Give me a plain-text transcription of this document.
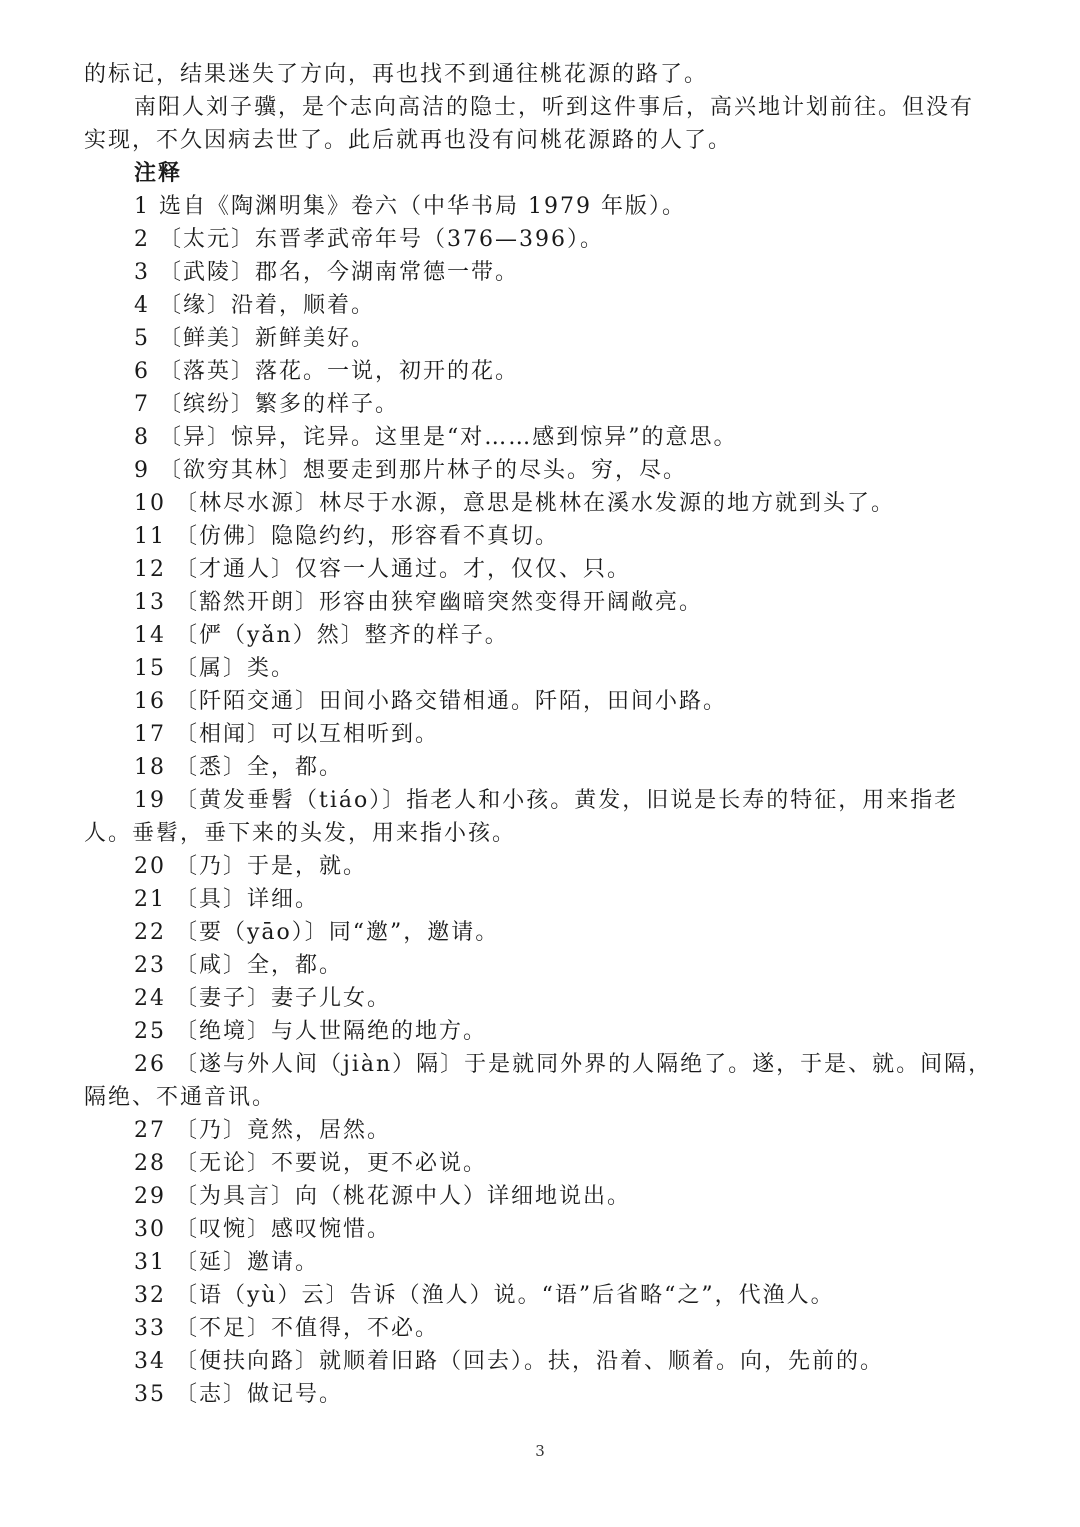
的标记，结果迷失了方向，再也找不到通往桃花源的路了。

南阳人刘子骥，是个志向高洁的隐士，听到这件事后，高兴地计划前往。但没有实现，不久因病去世了。此后就再也没有问桃花源路的人了。

注释

1 选自《陶渊明集》卷六（中华书局 1979 年版）。

2 〔太元〕东晋孝武帝年号（376—396）。

3 〔武陵〕郡名，今湖南常德一带。

4 〔缘〕沿着，顺着。

5 〔鲜美〕新鲜美好。

6 〔落英〕落花。一说，初开的花。

7 〔缤纷〕繁多的样子。

8 〔异〕惊异，诧异。这里是“对……感到惊异”的意思。

9 〔欲穷其林〕想要走到那片林子的尽头。穷，尽。

10 〔林尽水源〕林尽于水源，意思是桃林在溪水发源的地方就到头了。

11 〔仿佛〕隐隐约约，形容看不真切。

12 〔才通人〕仅容一人通过。才，仅仅、只。

13 〔豁然开朗〕形容由狭窄幽暗突然变得开阔敞亮。

14 〔俨（yǎn）然〕整齐的样子。

15 〔属〕类。

16 〔阡陌交通〕田间小路交错相通。阡陌，田间小路。

17 〔相闻〕可以互相听到。

18 〔悉〕全，都。

19 〔黄发垂髫（tiáo）〕指老人和小孩。黄发，旧说是长寿的特征，用来指老人。垂髫，垂下来的头发，用来指小孩。

20 〔乃〕于是，就。

21 〔具〕详细。

22 〔要（yāo）〕同“邀”，邀请。

23 〔咸〕全，都。

24 〔妻子〕妻子儿女。

25 〔绝境〕与人世隔绝的地方。

26 〔遂与外人间（jiàn）隔〕于是就同外界的人隔绝了。遂，于是、就。间隔，隔绝、不通音讯。

27 〔乃〕竟然，居然。

28 〔无论〕不要说，更不必说。

29 〔为具言〕向（桃花源中人）详细地说出。

30 〔叹惋〕感叹惋惜。

31 〔延〕邀请。

32 〔语（yù）云〕告诉（渔人）说。“语”后省略“之”，代渔人。

33 〔不足〕不值得，不必。

34 〔便扶向路〕就顺着旧路（回去）。扶，沿着、顺着。向，先前的。

35 〔志〕做记号。

3
